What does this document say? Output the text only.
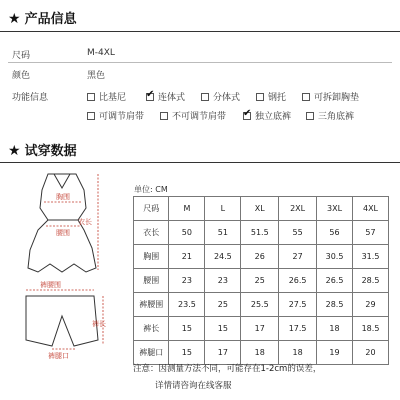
★ 产品信息
尺码	M-4XL
颜色	黑色
功能信息	比基尼 ✔	连体式	分体式	钢托	可拆卸胸垫
可调节肩带	不可调节肩带 ✔	独立底裤	三角底裤
★ 试穿数据
胸围
腰围
衣长
裤腰围
裤长
裤腿口
单位: CM
尺码	M	L	XL	2XL	3XL	4XL
衣长	50	51	51.5	55	56	57
胸围	21	24.5	26	27	30.5	31.5
腰围	23	23	25	26.5	26.5	28.5
裤腰围	23.5	25	25.5	27.5	28.5	29
裤长	15	15	17	17.5	18	18.5
裤腿口	15	17	18	18	19	20
注意：因测量方法不同，可能存在1-2cm的误差，
详情请咨询在线客服
